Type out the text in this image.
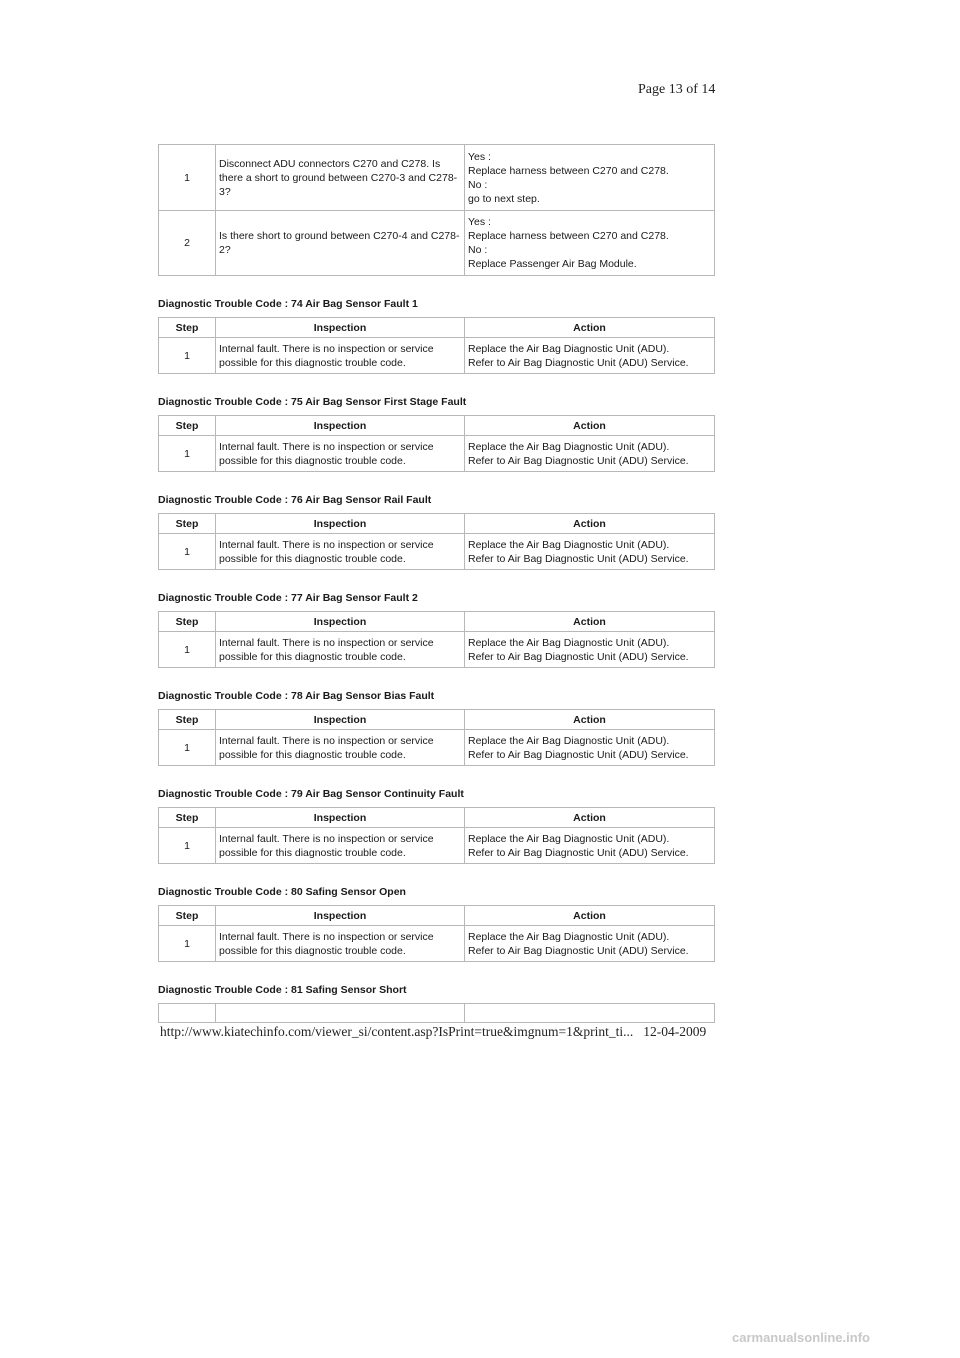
Page 13 of 14
1	Disconnect ADU connectors C270 and C278. Is there a short to ground between C270-3 and C278-3?	Yes :
Replace harness between C270 and C278.
No :
go to next step.

2	Is there short to ground between C270-4 and C278-2?	Yes :
Replace harness between C270 and C278.
No :
Replace Passenger Air Bag Module.

Diagnostic Trouble Code : 74 Air Bag Sensor Fault 1

Step	Inspection	Action
1	Internal fault. There is no inspection or service possible for this diagnostic trouble code.	Replace the Air Bag Diagnostic Unit (ADU).
Refer to Air Bag Diagnostic Unit (ADU) Service.

Diagnostic Trouble Code : 75 Air Bag Sensor First Stage Fault

Step	Inspection	Action
1	Internal fault. There is no inspection or service possible for this diagnostic trouble code.	Replace the Air Bag Diagnostic Unit (ADU).
Refer to Air Bag Diagnostic Unit (ADU) Service.

Diagnostic Trouble Code : 76 Air Bag Sensor Rail Fault

Step	Inspection	Action
1	Internal fault. There is no inspection or service possible for this diagnostic trouble code.	Replace the Air Bag Diagnostic Unit (ADU).
Refer to Air Bag Diagnostic Unit (ADU) Service.

Diagnostic Trouble Code : 77 Air Bag Sensor Fault 2

Step	Inspection	Action
1	Internal fault. There is no inspection or service possible for this diagnostic trouble code.	Replace the Air Bag Diagnostic Unit (ADU).
Refer to Air Bag Diagnostic Unit (ADU) Service.

Diagnostic Trouble Code : 78 Air Bag Sensor Bias Fault

Step	Inspection	Action
1	Internal fault. There is no inspection or service possible for this diagnostic trouble code.	Replace the Air Bag Diagnostic Unit (ADU).
Refer to Air Bag Diagnostic Unit (ADU) Service.

Diagnostic Trouble Code : 79 Air Bag Sensor Continuity Fault

Step	Inspection	Action
1	Internal fault. There is no inspection or service possible for this diagnostic trouble code.	Replace the Air Bag Diagnostic Unit (ADU).
Refer to Air Bag Diagnostic Unit (ADU) Service.

Diagnostic Trouble Code : 80 Safing Sensor Open

Step	Inspection	Action
1	Internal fault. There is no inspection or service possible for this diagnostic trouble code.	Replace the Air Bag Diagnostic Unit (ADU).
Refer to Air Bag Diagnostic Unit (ADU) Service.

Diagnostic Trouble Code : 81 Safing Sensor Short

http://www.kiatechinfo.com/viewer_si/content.asp?IsPrint=true&imgnum=1&print_ti... 12-04-2009
carmanualsonline.info
